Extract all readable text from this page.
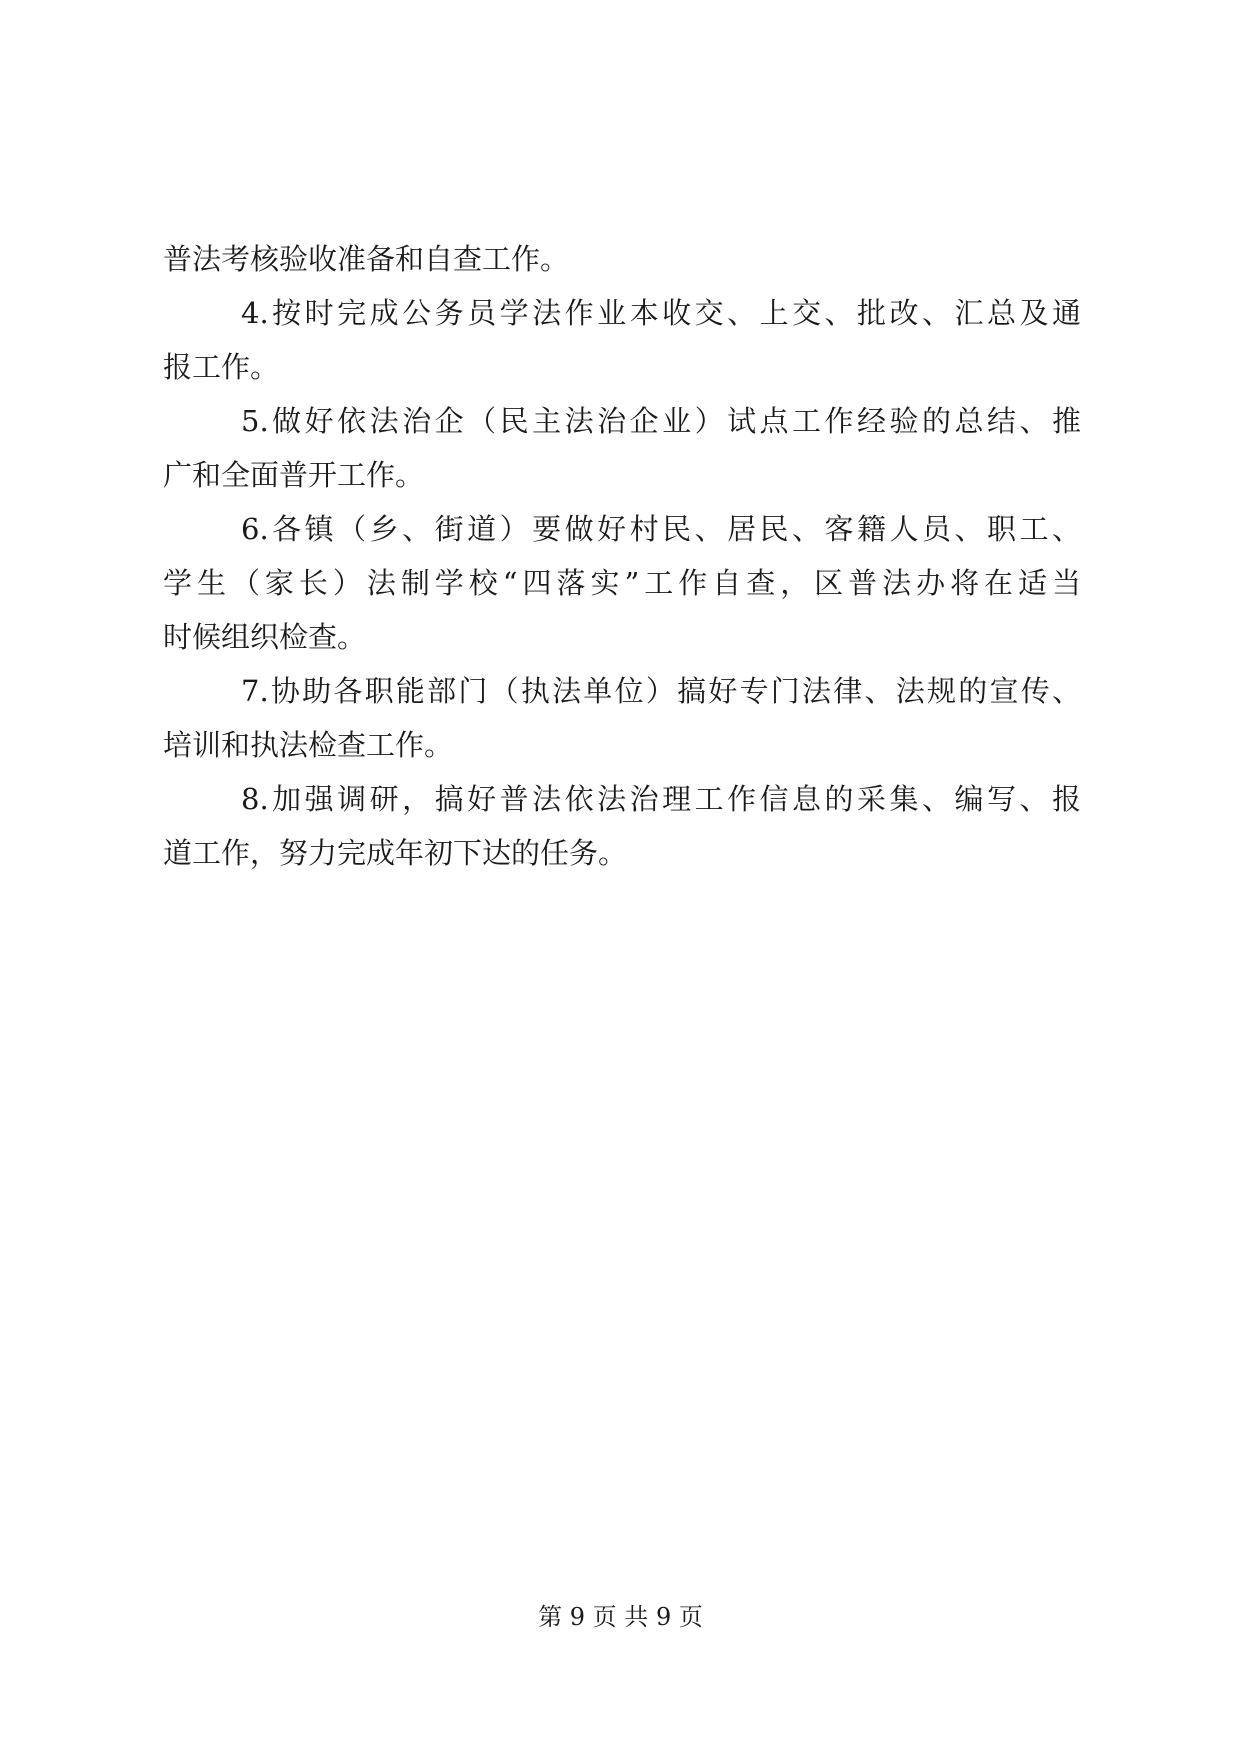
普法考核验收准备和自查工作。

4.按时完成公务员学法作业本收交、上交、批改、汇总及通

报工作。

5.做好依法治企（民主法治企业）试点工作经验的总结、推

广和全面普开工作。

6.各镇（乡、街道）要做好村民、居民、客籍人员、职工、

学生（家长）法制学校“四落实”工作自查，区普法办将在适当

时候组织检查。

7.协助各职能部门（执法单位）搞好专门法律、法规的宣传、

培训和执法检查工作。

8.加强调研，搞好普法依法治理工作信息的采集、编写、报

道工作，努力完成年初下达的任务。

第 9 页 共 9 页
